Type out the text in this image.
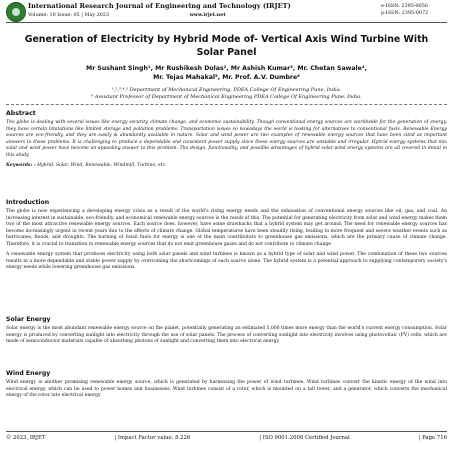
International Research Journal of Engineering and Technology (IRJET)
Volume: 10 Issue: 05 | May 2023	www.irjet.net
e-ISSN: 2395-0056
p-ISSN: 2395-0072
Generation of Electricity by Hybrid Mode of- Vertical Axis Wind Turbine With Solar Panel
Mr Sushant Singh¹, Mr Rushikesh Dolas², Mr Ashish Kumar³, Mr. Chetan Sawale⁴,
Mr. Tejas Mahakal⁵, Mr. Prof. A.V. Dumbre⁶
¹,²,³,⁴,⁵ Department of Mechanical Engineering, PDEA College Of Engineering Pune, India.
⁶ Assistant Professor of Department of Mechanical Engineering PDEA College Of Engineering Pune, India.
Abstract
The globe is dealing with several issues like energy security, climate change, and economic sustainability. Though conventional energy sources are worldwide for the generation of energy, they have certain limitations like limited storage and pollution problems. Transportation issues so nowadays the world is looking for alternatives to conventional fuels. Renewable Energy sources are eco-friendly, and they are easily & abundantly available in nature. Solar and wind power are two examples of renewable energy sources that have been cited as important answers to these problems. It is challenging to produce a dependable and consistent power supply since these energy sources are unstable and irregular. Hybrid energy systems that mix solar and wind power have become an appealing answer to this problem. The design, functionality, and possible advantages of hybrid solar-wind energy systems are all covered in detail in this study.
Keywords: - Hybrid, Solar, Wind, Renewable, Windmill, Turbine, etc.
Introduction
The globe is now experiencing a developing energy crisis as a result of the world's rising energy needs and the exhaustion of conventional energy sources like oil, gas, and coal. An increasing interest in sustainable, eco-friendly, and economical renewable energy sources is the result of this. The potential for generating electricity from solar and wind energy makes them two of the most attractive renewable energy sources. Each source does, however, have some drawbacks that a hybrid system may get around. The need for renewable energy sources has become increasingly urgent in recent years due to the effects of climate change. Global temperatures have been steadily rising, leading to more frequent and severe weather events such as hurricanes, floods, and droughts. The burning of fossil fuels for energy is one of the main contributors to greenhouse gas emissions, which are the primary cause of climate change. Therefore, it is crucial to transition to renewable energy sources that do not emit greenhouse gases and do not contribute to climate change
A renewable energy system that produces electricity using both solar panels and wind turbines is known as a hybrid type of solar and wind power. The combination of these two sources results in a more dependable and stable power supply by overcoming the shortcomings of each source alone. The hybrid system is a potential approach to supplying contemporary society's energy needs while lowering greenhouse gas emissions.
Solar Energy
Solar energy is the most abundant renewable energy source on the planet, potentially generating an estimated 5,000 times more energy than the world's current energy consumption. Solar energy is produced by converting sunlight into electricity through the use of solar panels. The process of converting sunlight into electricity involves using photovoltaic (PV) cells, which are made of semiconductor materials capable of absorbing photons of sunlight and converting them into electrical energy.
Wind Energy
Wind energy is another promising renewable energy source, which is generated by harnessing the power of wind turbines. Wind turbines convert the kinetic energy of the wind into electrical energy, which can be used to power homes and businesses. Wind turbines consist of a rotor, which is mounted on a tall tower, and a generator, which converts the mechanical energy of the rotor into electrical energy
© 2023, IRJET	| Impact Factor value: 8.226	| ISO 9001:2008 Certified Journal	| Page 716
